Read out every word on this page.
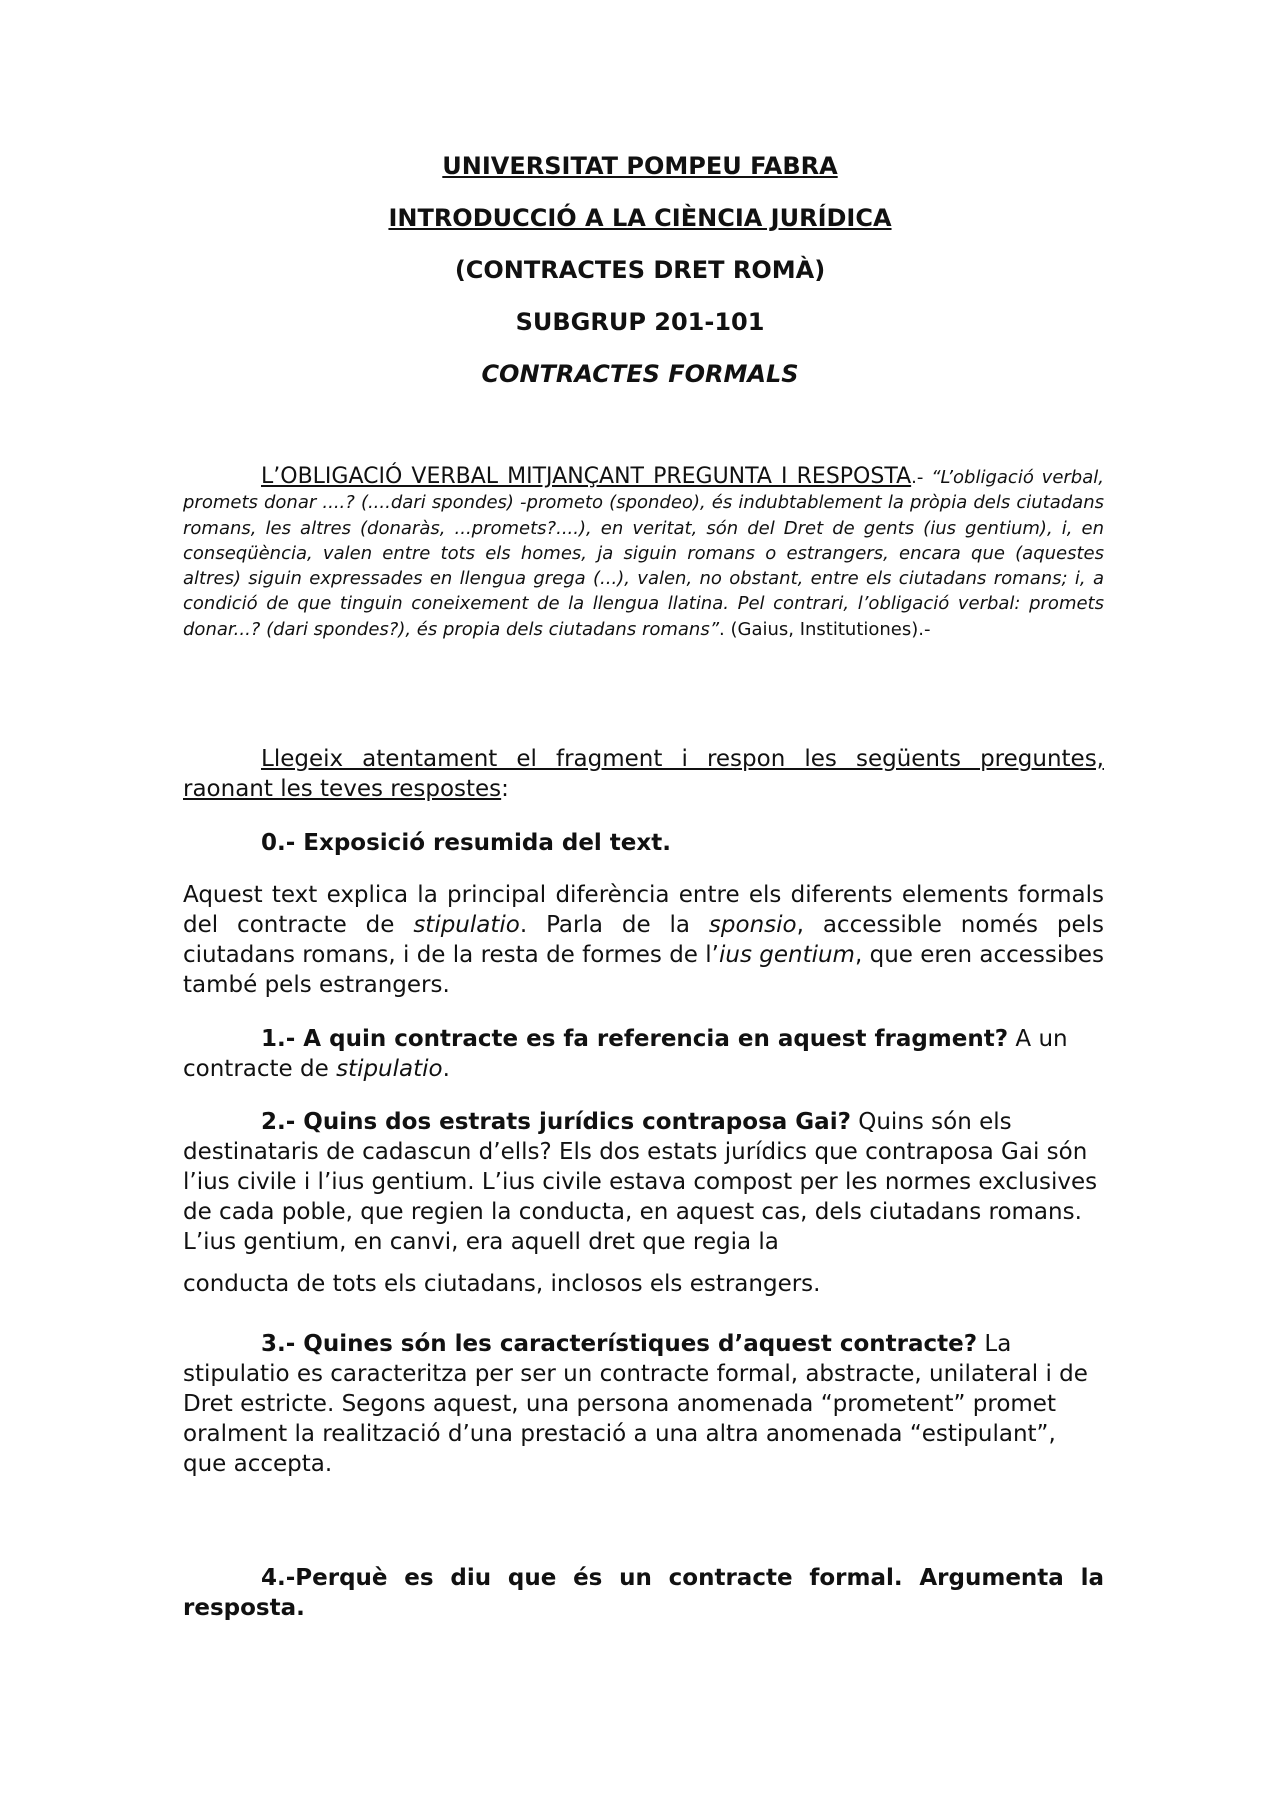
UNIVERSITAT POMPEU FABRA
INTRODUCCIÓ A LA CIÈNCIA JURÍDICA
(CONTRACTES DRET ROMÀ)
SUBGRUP 201-101
CONTRACTES FORMALS
L’OBLIGACIÓ VERBAL MITJANÇANT PREGUNTA I RESPOSTA.- “L’obligació verbal, promets donar ....? (....dari spondes) -prometo (spondeo), és indubtablement la pròpia dels ciutadans romans, les altres (donaràs, ...promets?....), en veritat, són del Dret de gents (ius gentium), i, en conseqüència, valen entre tots els homes, ja siguin romans o estrangers, encara que (aquestes altres) siguin expressades en llengua grega (...), valen, no obstant, entre els ciutadans romans; i, a condició de que tinguin coneixement de la llengua llatina. Pel contrari, l’obligació verbal: promets donar...? (dari spondes?), és propia dels ciutadans romans”. (Gaius, Institutiones).-
Llegeix atentament el fragment i respon les següents preguntes, raonant les teves respostes:
0.- Exposició resumida del text.
Aquest text explica la principal diferència entre els diferents elements formals del contracte de stipulatio. Parla de la sponsio, accessible només pels ciutadans romans, i de la resta de formes de l’ius gentium, que eren accessibes també pels estrangers.
1.- A quin contracte es fa referencia en aquest fragment? A un contracte de stipulatio.
2.- Quins dos estrats jurídics contraposa Gai? Quins són els destinataris de cadascun d’ells? Els dos estats jurídics que contraposa Gai són l’ius civile i l’ius gentium. L’ius civile estava compost per les normes exclusives de cada poble, que regien la conducta, en aquest cas, dels ciutadans romans. L’ius gentium, en canvi, era aquell dret que regia la
conducta de tots els ciutadans, inclosos els estrangers.
3.- Quines són les característiques d’aquest contracte? La stipulatio es caracteritza per ser un contracte formal, abstracte, unilateral i de Dret estricte. Segons aquest, una persona anomenada “prometent” promet oralment la realització d’una prestació a una altra anomenada “estipulant”, que accepta.
4.-Perquè es diu que és un contracte formal. Argumenta la resposta.
